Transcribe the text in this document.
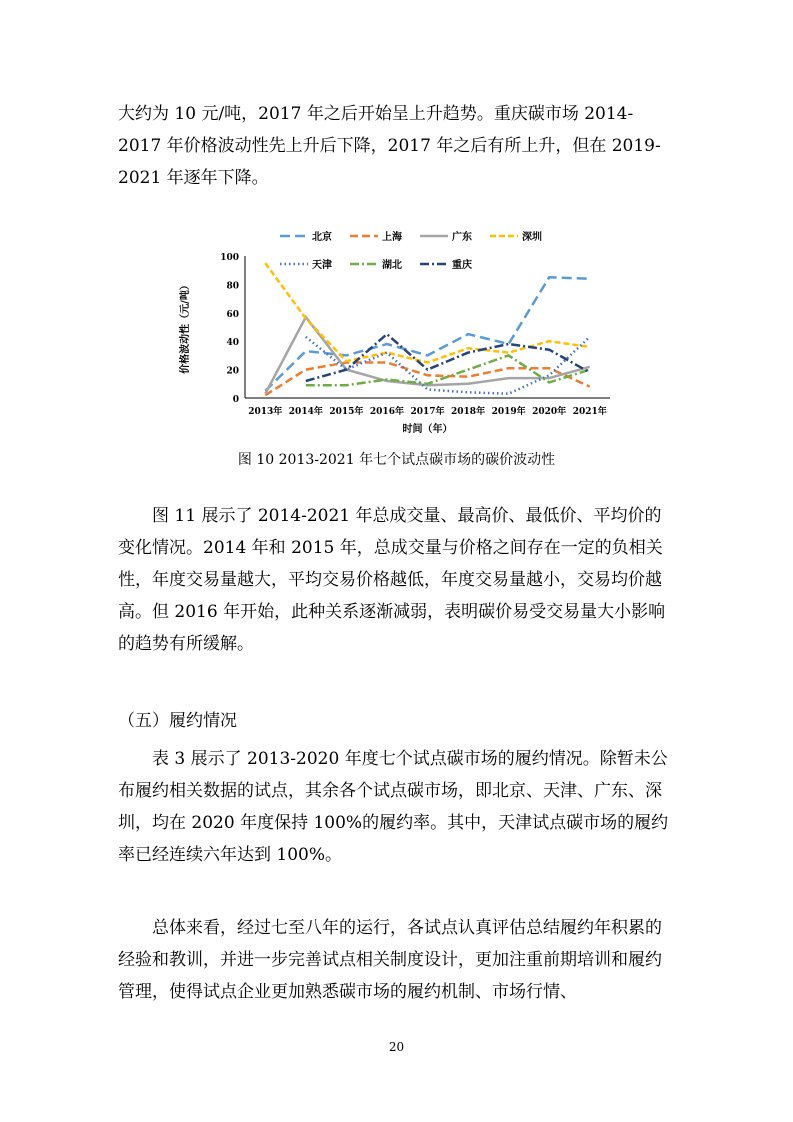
大约为 10 元/吨，2017 年之后开始呈上升趋势。重庆碳市场 2014-2017 年价格波动性先上升后下降，2017 年之后有所上升，但在 2019-2021 年逐年下降。

0
20
40
60
80
100
2013年 2014年 2015年 2016年 2017年 2018年 2019年 2020年 2021年
时间（年）
价格波动性（元/吨）
北京	上海	广东	深圳
天津	湖北	重庆
图 10 2013-2021 年七个试点碳市场的碳价波动性

图 11 展示了 2014-2021 年总成交量、最高价、最低价、平均价的变化情况。2014 年和 2015 年，总成交量与价格之间存在一定的负相关性，年度交易量越大，平均交易价格越低，年度交易量越小，交易均价越高。但 2016 年开始，此种关系逐渐减弱，表明碳价易受交易量大小影响的趋势有所缓解。

（五）履约情况

表 3 展示了 2013-2020 年度七个试点碳市场的履约情况。除暂未公布履约相关数据的试点，其余各个试点碳市场，即北京、天津、广东、深圳，均在 2020 年度保持 100%的履约率。其中，天津试点碳市场的履约率已经连续六年达到 100%。

总体来看，经过七至八年的运行，各试点认真评估总结履约年积累的经验和教训，并进一步完善试点相关制度设计，更加注重前期培训和履约管理，使得试点企业更加熟悉碳市场的履约机制、市场行情、

20
